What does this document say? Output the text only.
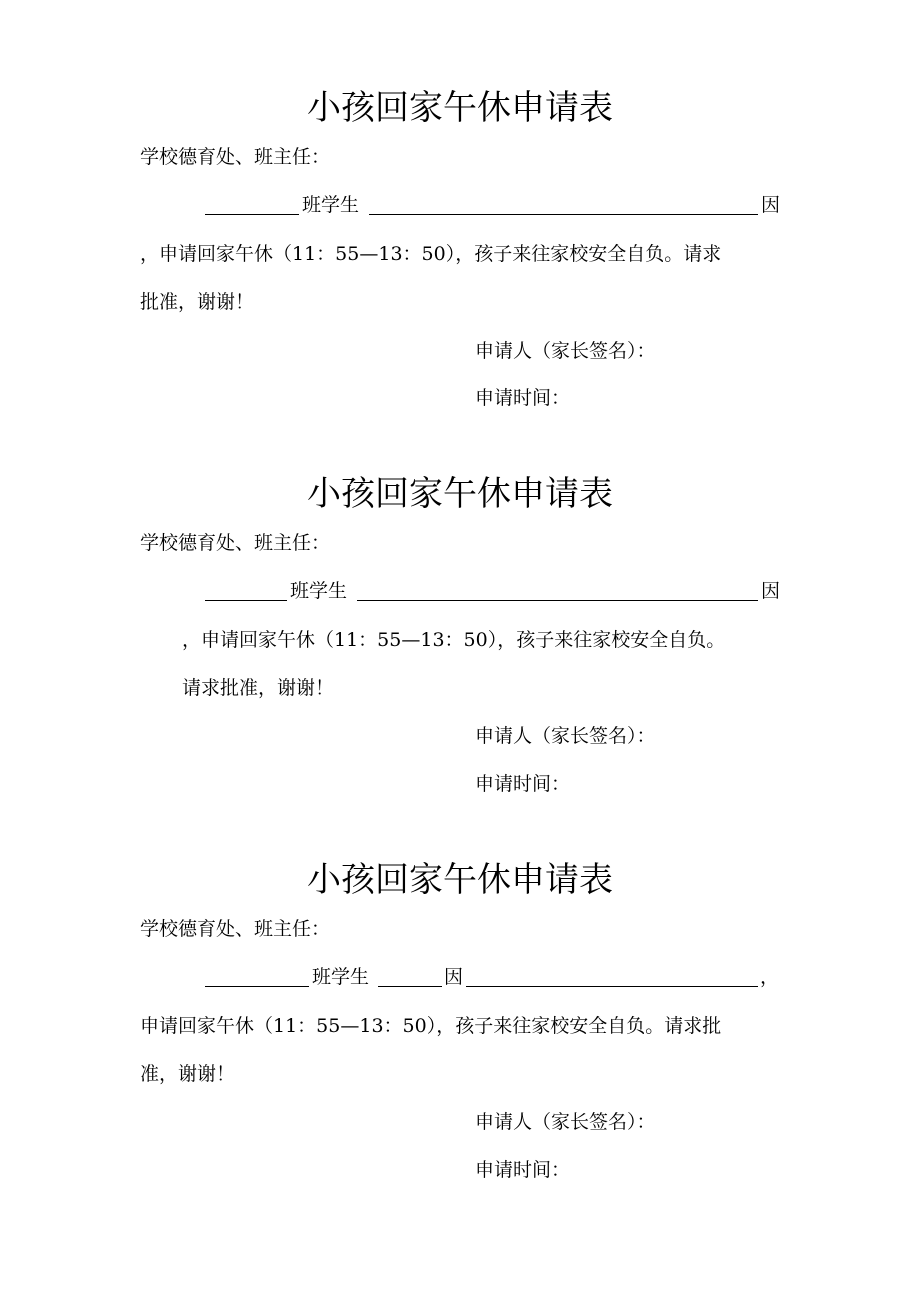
小孩回家午休申请表
学校德育处、班主任：
班学生	因
，申请回家午休（11：55—13：50），孩子来往家校安全自负。请求
批准，谢谢！
申请人（家长签名）：
申请时间：
小孩回家午休申请表
学校德育处、班主任：
班学生	因
，申请回家午休（11：55—13：50），孩子来往家校安全自负。
请求批准，谢谢！
申请人（家长签名）：
申请时间：
小孩回家午休申请表
学校德育处、班主任：
班学生	因	，
申请回家午休（11：55—13：50），孩子来往家校安全自负。请求批
准，谢谢！
申请人（家长签名）：
申请时间：
